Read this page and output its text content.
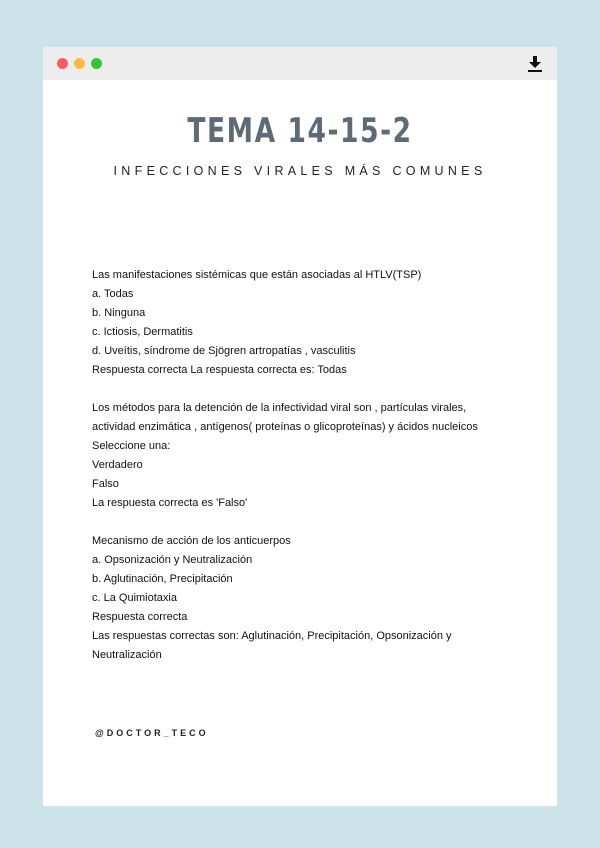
TEMA 14-15-2
INFECCIONES VIRALES MÁS COMUNES
Las manifestaciones sistémicas que están asociadas al HTLV(TSP)
a. Todas
b. Ninguna
c. Ictiosis, Dermatitis
d. Uveítis, síndrome de Sjögren artropatías , vasculitis
Respuesta correcta La respuesta correcta es: Todas
Los métodos para la detención de la infectividad viral son , partículas virales,
actividad enzimática , antígenos( proteínas o glicoproteínas) y ácidos nucleicos
Seleccione una:
Verdadero
Falso
La respuesta correcta es 'Falso'
Mecanismo de acción de los anticuerpos
a. Opsonización y Neutralización
b. Aglutinación, Precipitación
c. La Quimiotaxia
Respuesta correcta
Las respuestas correctas son: Aglutinación, Precipitación, Opsonización y
Neutralización
@DOCTOR_TECO
